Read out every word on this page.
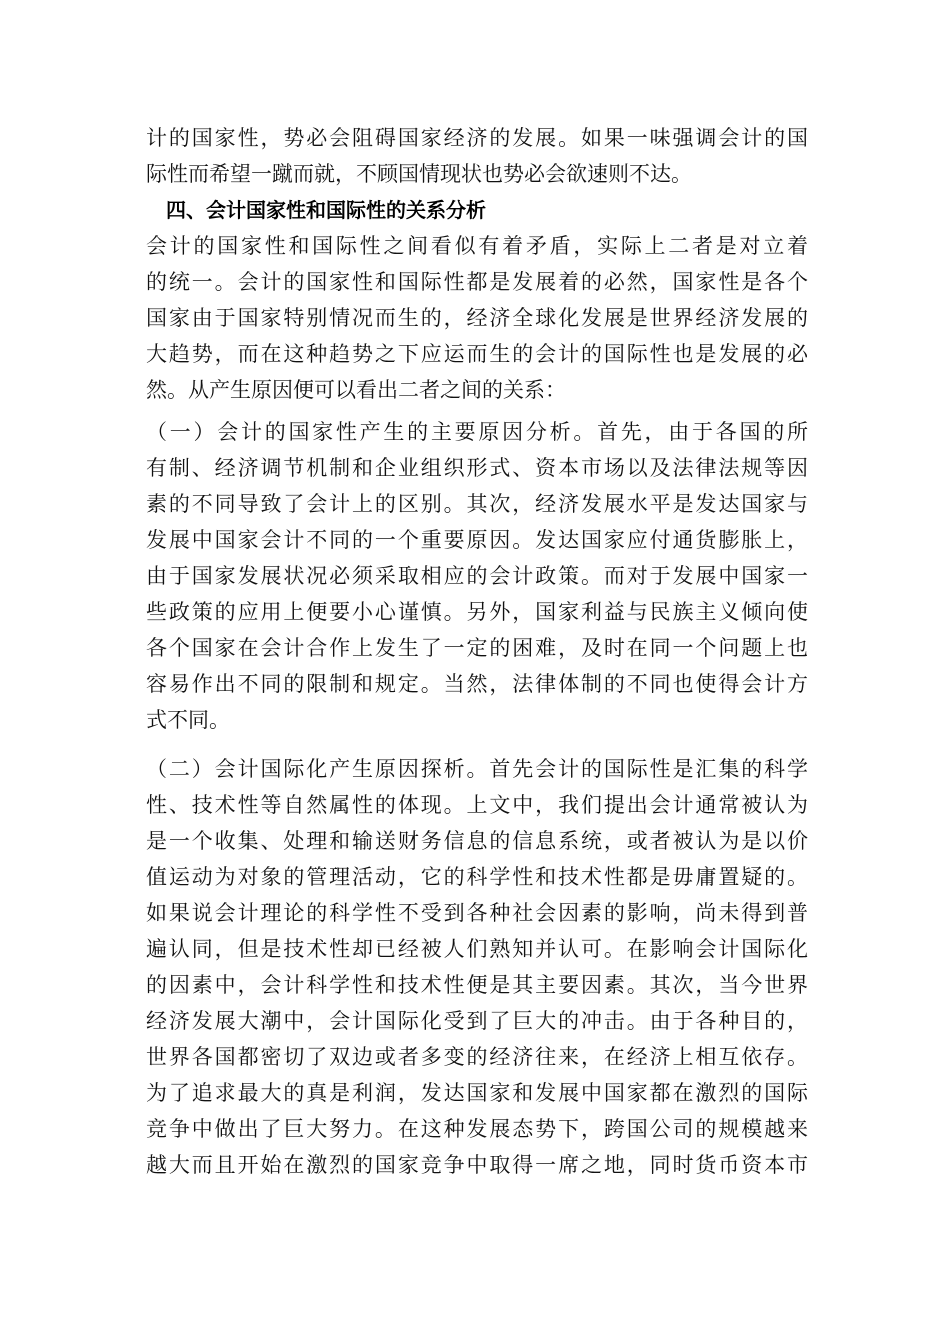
计的国家性，势必会阻碍国家经济的发展。如果一味强调会计的国
际性而希望一蹴而就，不顾国情现状也势必会欲速则不达。
四、会计国家性和国际性的关系分析
会计的国家性和国际性之间看似有着矛盾，实际上二者是对立着
的统一。会计的国家性和国际性都是发展着的必然，国家性是各个
国家由于国家特别情况而生的，经济全球化发展是世界经济发展的
大趋势，而在这种趋势之下应运而生的会计的国际性也是发展的必
然。从产生原因便可以看出二者之间的关系：
（一）会计的国家性产生的主要原因分析。首先，由于各国的所
有制、经济调节机制和企业组织形式、资本市场以及法律法规等因
素的不同导致了会计上的区别。其次，经济发展水平是发达国家与
发展中国家会计不同的一个重要原因。发达国家应付通货膨胀上，
由于国家发展状况必须采取相应的会计政策。而对于发展中国家一
些政策的应用上便要小心谨慎。另外，国家利益与民族主义倾向使
各个国家在会计合作上发生了一定的困难，及时在同一个问题上也
容易作出不同的限制和规定。当然，法律体制的不同也使得会计方
式不同。
（二）会计国际化产生原因探析。首先会计的国际性是汇集的科学
性、技术性等自然属性的体现。上文中，我们提出会计通常被认为
是一个收集、处理和输送财务信息的信息系统，或者被认为是以价
值运动为对象的管理活动，它的科学性和技术性都是毋庸置疑的。
如果说会计理论的科学性不受到各种社会因素的影响，尚未得到普
遍认同，但是技术性却已经被人们熟知并认可。在影响会计国际化
的因素中，会计科学性和技术性便是其主要因素。其次，当今世界
经济发展大潮中，会计国际化受到了巨大的冲击。由于各种目的，
世界各国都密切了双边或者多变的经济往来，在经济上相互依存。
为了追求最大的真是利润，发达国家和发展中国家都在激烈的国际
竞争中做出了巨大努力。在这种发展态势下，跨国公司的规模越来
越大而且开始在激烈的国家竞争中取得一席之地，同时货币资本市
